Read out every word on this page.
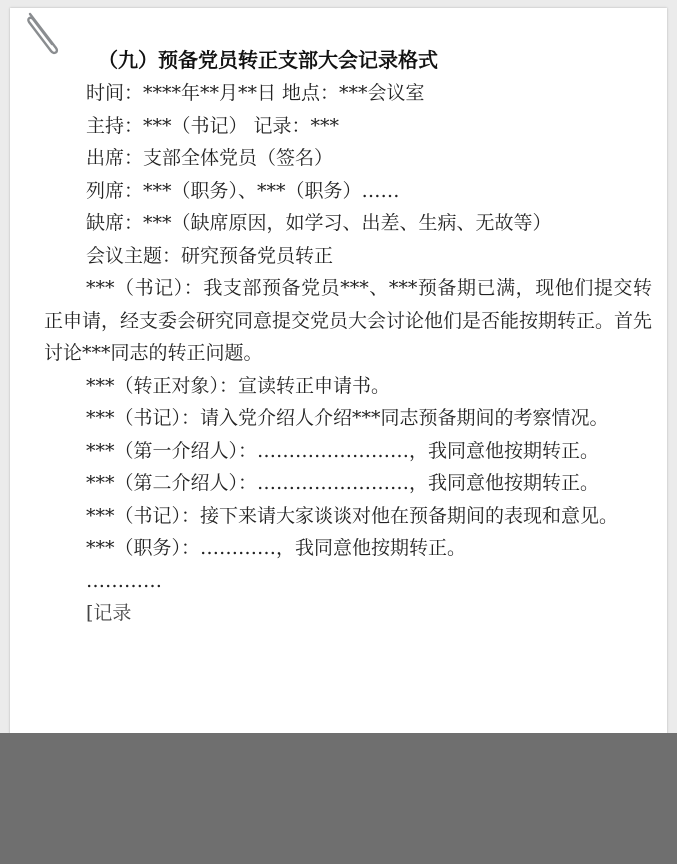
（九）预备党员转正支部大会记录格式

时间：****年**月**日 地点：***会议室

主持：***（书记） 记录：***

出席：支部全体党员（签名）

列席：***（职务）、***（职务）……

缺席：***（缺席原因，如学习、出差、生病、无故等）

会议主题：研究预备党员转正

***（书记）：我支部预备党员***、***预备期已满，现他们提交转正申请，经支委会研究同意提交党员大会讨论他们是否能按期转正。首先讨论***同志的转正问题。

***（转正对象）：宣读转正申请书。

***（书记）：请入党介绍人介绍***同志预备期间的考察情况。

***（第一介绍人）：……………………，我同意他按期转正。

***（第二介绍人）：……………………，我同意他按期转正。

***（书记）：接下来请大家谈谈对他在预备期间的表现和意见。

***（职务）：…………，我同意他按期转正。

…………

[记录
